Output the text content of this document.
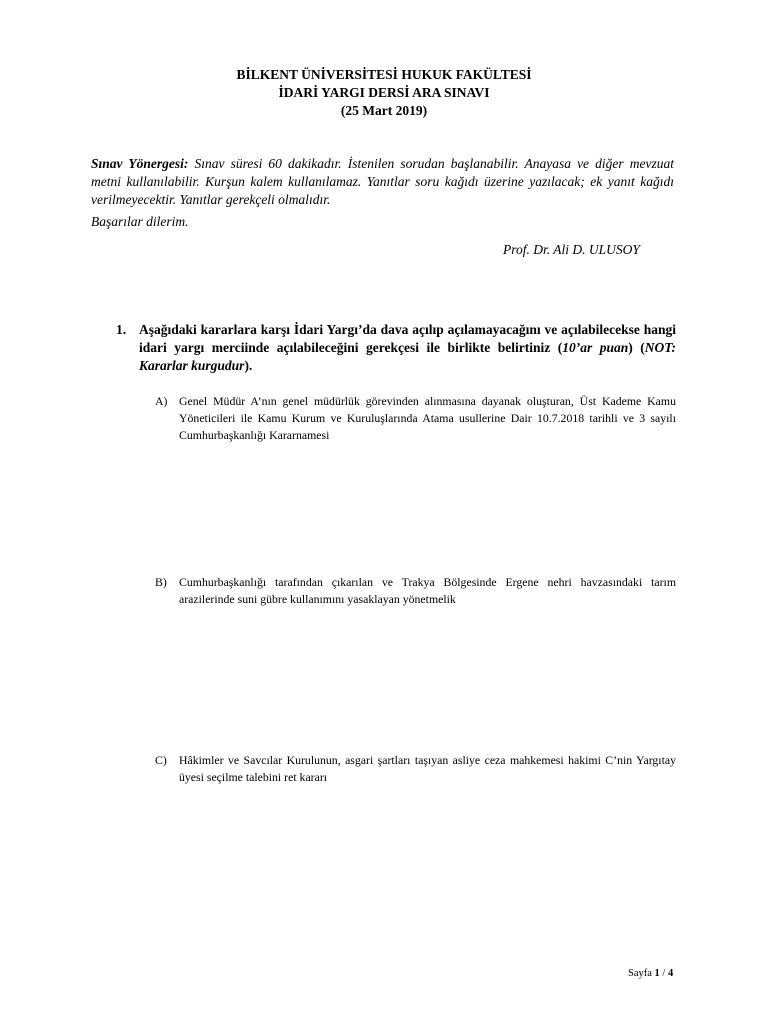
BİLKENT ÜNİVERSİTESİ HUKUK FAKÜLTESİ
İDARİ YARGI DERSİ ARA SINAVI
(25 Mart 2019)
Sınav Yönergesi: Sınav süresi 60 dakikadır. İstenilen sorudan başlanabilir. Anayasa ve diğer mevzuat metni kullanılabilir. Kurşun kalem kullanılamaz. Yanıtlar soru kağıdı üzerine yazılacak; ek yanıt kağıdı verilmeyecektir. Yanıtlar gerekçeli olmalıdır.
Başarılar dilerim.
Prof. Dr. Ali D. ULUSOY
1. Aşağıdaki kararlara karşı İdari Yargı’da dava açılıp açılamayacağını ve açılabilecekse hangi idari yargı merciinde açılabileceğini gerekçesi ile birlikte belirtiniz (10’ar puan) (NOT: Kararlar kurgudur).
A) Genel Müdür A’nın genel müdürlük görevinden alınmasına dayanak oluşturan, Üst Kademe Kamu Yöneticileri ile Kamu Kurum ve Kuruluşlarında Atama usullerine Dair 10.7.2018 tarihli ve 3 sayılı Cumhurbaşkanlığı Kararnamesi
B) Cumhurbaşkanlığı tarafından çıkarılan ve Trakya Bölgesinde Ergene nehri havzasındaki tarım arazilerinde suni gübre kullanımını yasaklayan yönetmelik
C) Hâkimler ve Savcılar Kurulunun, asgari şartları taşıyan asliye ceza mahkemesi hakimi C’nin Yargıtay üyesi seçilme talebini ret kararı
Sayfa 1 / 4
